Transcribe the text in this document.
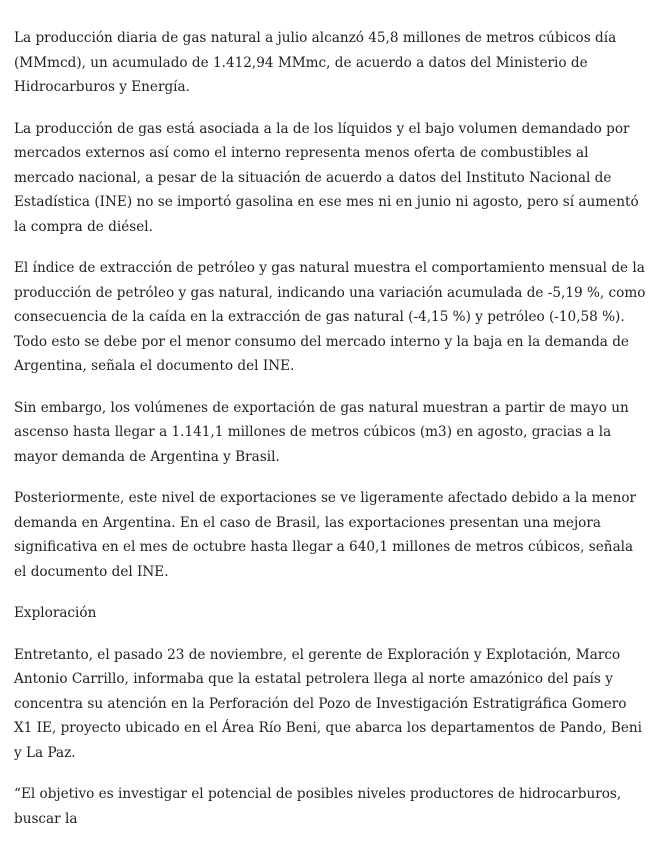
La producción diaria de gas natural a julio alcanzó 45,8 millones de metros cúbicos día (MMmcd), un acumulado de 1.412,94 MMmc, de acuerdo a datos del Ministerio de Hidrocarburos y Energía.

La producción de gas está asociada a la de los líquidos y el bajo volumen demandado por mercados externos así como el interno representa menos oferta de combustibles al mercado nacional, a pesar de la situación de acuerdo a datos del Instituto Nacional de Estadística (INE) no se importó gasolina en ese mes ni en junio ni agosto, pero sí aumentó la compra de diésel.

El índice de extracción de petróleo y gas natural muestra el comportamiento mensual de la producción de petróleo y gas natural, indicando una variación acumulada de -5,19 %, como consecuencia de la caída en la extracción de gas natural (-4,15 %) y petróleo (-10,58 %). Todo esto se debe por el menor consumo del mercado interno y la baja en la demanda de Argentina, señala el documento del INE.

Sin embargo, los volúmenes de exportación de gas natural muestran a partir de mayo un ascenso hasta llegar a 1.141,1 millones de metros cúbicos (m3) en agosto, gracias a la mayor demanda de Argentina y Brasil.

Posteriormente, este nivel de exportaciones se ve ligeramente afectado debido a la menor demanda en Argentina. En el caso de Brasil, las exportaciones presentan una mejora significativa en el mes de octubre hasta llegar a 640,1 millones de metros cúbicos, señala el documento del INE.

Exploración

Entretanto, el pasado 23 de noviembre, el gerente de Exploración y Explotación, Marco Antonio Carrillo, informaba que la estatal petrolera llega al norte amazónico del país y concentra su atención en la Perforación del Pozo de Investigación Estratigráfica Gomero X1 IE, proyecto ubicado en el Área Río Beni, que abarca los departamentos de Pando, Beni y La Paz.

“El objetivo es investigar el potencial de posibles niveles productores de hidrocarburos, buscar la
